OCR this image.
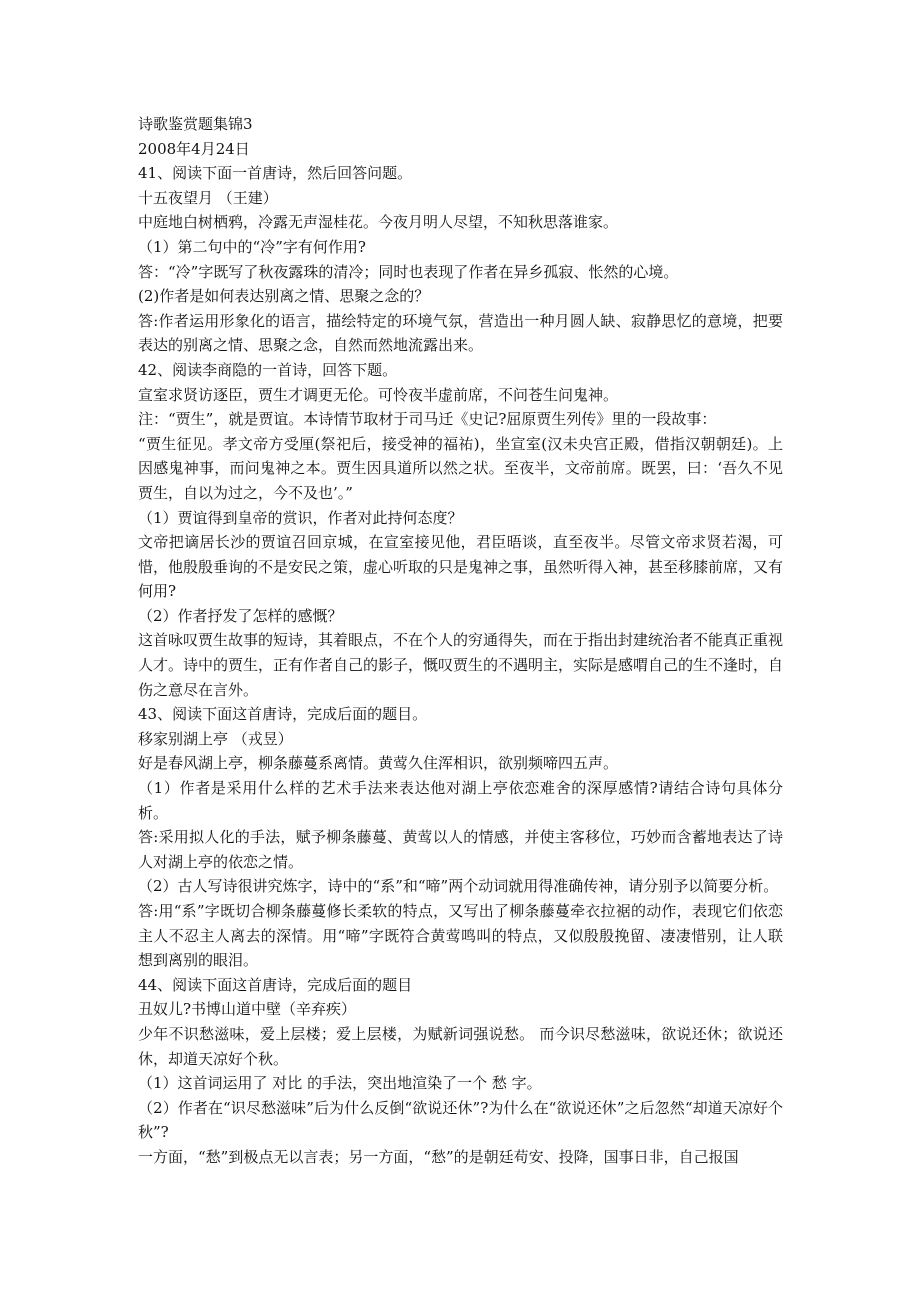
诗歌鉴赏题集锦3

2008年4月24日

41、阅读下面一首唐诗，然后回答问题。

十五夜望月 （王建）

中庭地白树栖鸦，冷露无声湿桂花。今夜月明人尽望，不知秋思落谁家。

（1）第二句中的“冷”字有何作用?

答：“冷”字既写了秋夜露珠的清冷；同时也表现了作者在异乡孤寂、怅然的心境。

(2)作者是如何表达别离之情、思聚之念的？

答:作者运用形象化的语言，描绘特定的环境气氛，营造出一种月圆人缺、寂静思忆的意境，把要表达的别离之情、思聚之念，自然而然地流露出来。

42、阅读李商隐的一首诗，回答下题。

宣室求贤访逐臣，贾生才调更无伦。可怜夜半虚前席，不问苍生问鬼神。

注：“贾生”，就是贾谊。本诗情节取材于司马迁《史记?屈原贾生列传》里的一段故事：

“贾生征见。孝文帝方受厘(祭祀后，接受神的福祐)，坐宣室(汉未央宫正殿，借指汉朝朝廷)。上因感鬼神事，而问鬼神之本。贾生因具道所以然之状。至夜半，文帝前席。既罢，曰：‘吾久不见贾生，自以为过之，今不及也’。”

（1）贾谊得到皇帝的赏识，作者对此持何态度？

文帝把谪居长沙的贾谊召回京城，在宣室接见他，君臣晤谈，直至夜半。尽管文帝求贤若渴，可惜，他殷殷垂询的不是安民之策，虚心听取的只是鬼神之事，虽然听得入神，甚至移膝前席，又有何用?

（2）作者抒发了怎样的感慨？

这首咏叹贾生故事的短诗，其着眼点，不在个人的穷通得失，而在于指出封建统治者不能真正重视人才。诗中的贾生，正有作者自己的影子，慨叹贾生的不遇明主，实际是感喟自己的生不逢时，自伤之意尽在言外。

43、阅读下面这首唐诗，完成后面的题目。

移家别湖上亭 （戎昱）

好是春风湖上亭，柳条藤蔓系离情。黄莺久住浑相识，欲别频啼四五声。

（1）作者是采用什么样的艺术手法来表达他对湖上亭依恋难舍的深厚感情?请结合诗句具体分析。

答:采用拟人化的手法，赋予柳条藤蔓、黄莺以人的情感，并使主客移位，巧妙而含蓄地表达了诗人对湖上亭的依恋之情。

（2）古人写诗很讲究炼字，诗中的“系”和“啼”两个动词就用得准确传神，请分别予以简要分析。

答:用“系”字既切合柳条藤蔓修长柔软的特点，又写出了柳条藤蔓牵衣拉裾的动作，表现它们依恋主人不忍主人离去的深情。用“啼”字既符合黄莺鸣叫的特点，又似殷殷挽留、凄凄惜别，让人联想到离别的眼泪。

44、阅读下面这首唐诗，完成后面的题目

丑奴儿?书博山道中壁（辛弃疾）

少年不识愁滋味，爱上层楼；爱上层楼，为赋新词强说愁。 而今识尽愁滋味，欲说还休；欲说还休，却道天凉好个秋。

（1）这首词运用了 对比 的手法，突出地渲染了一个 愁 字。

（2）作者在“识尽愁滋味”后为什么反倒“欲说还休”?为什么在“欲说还休”之后忽然“却道天凉好个秋”?

一方面，“愁”到极点无以言表；另一方面，“愁”的是朝廷苟安、投降，国事日非，自己报国
